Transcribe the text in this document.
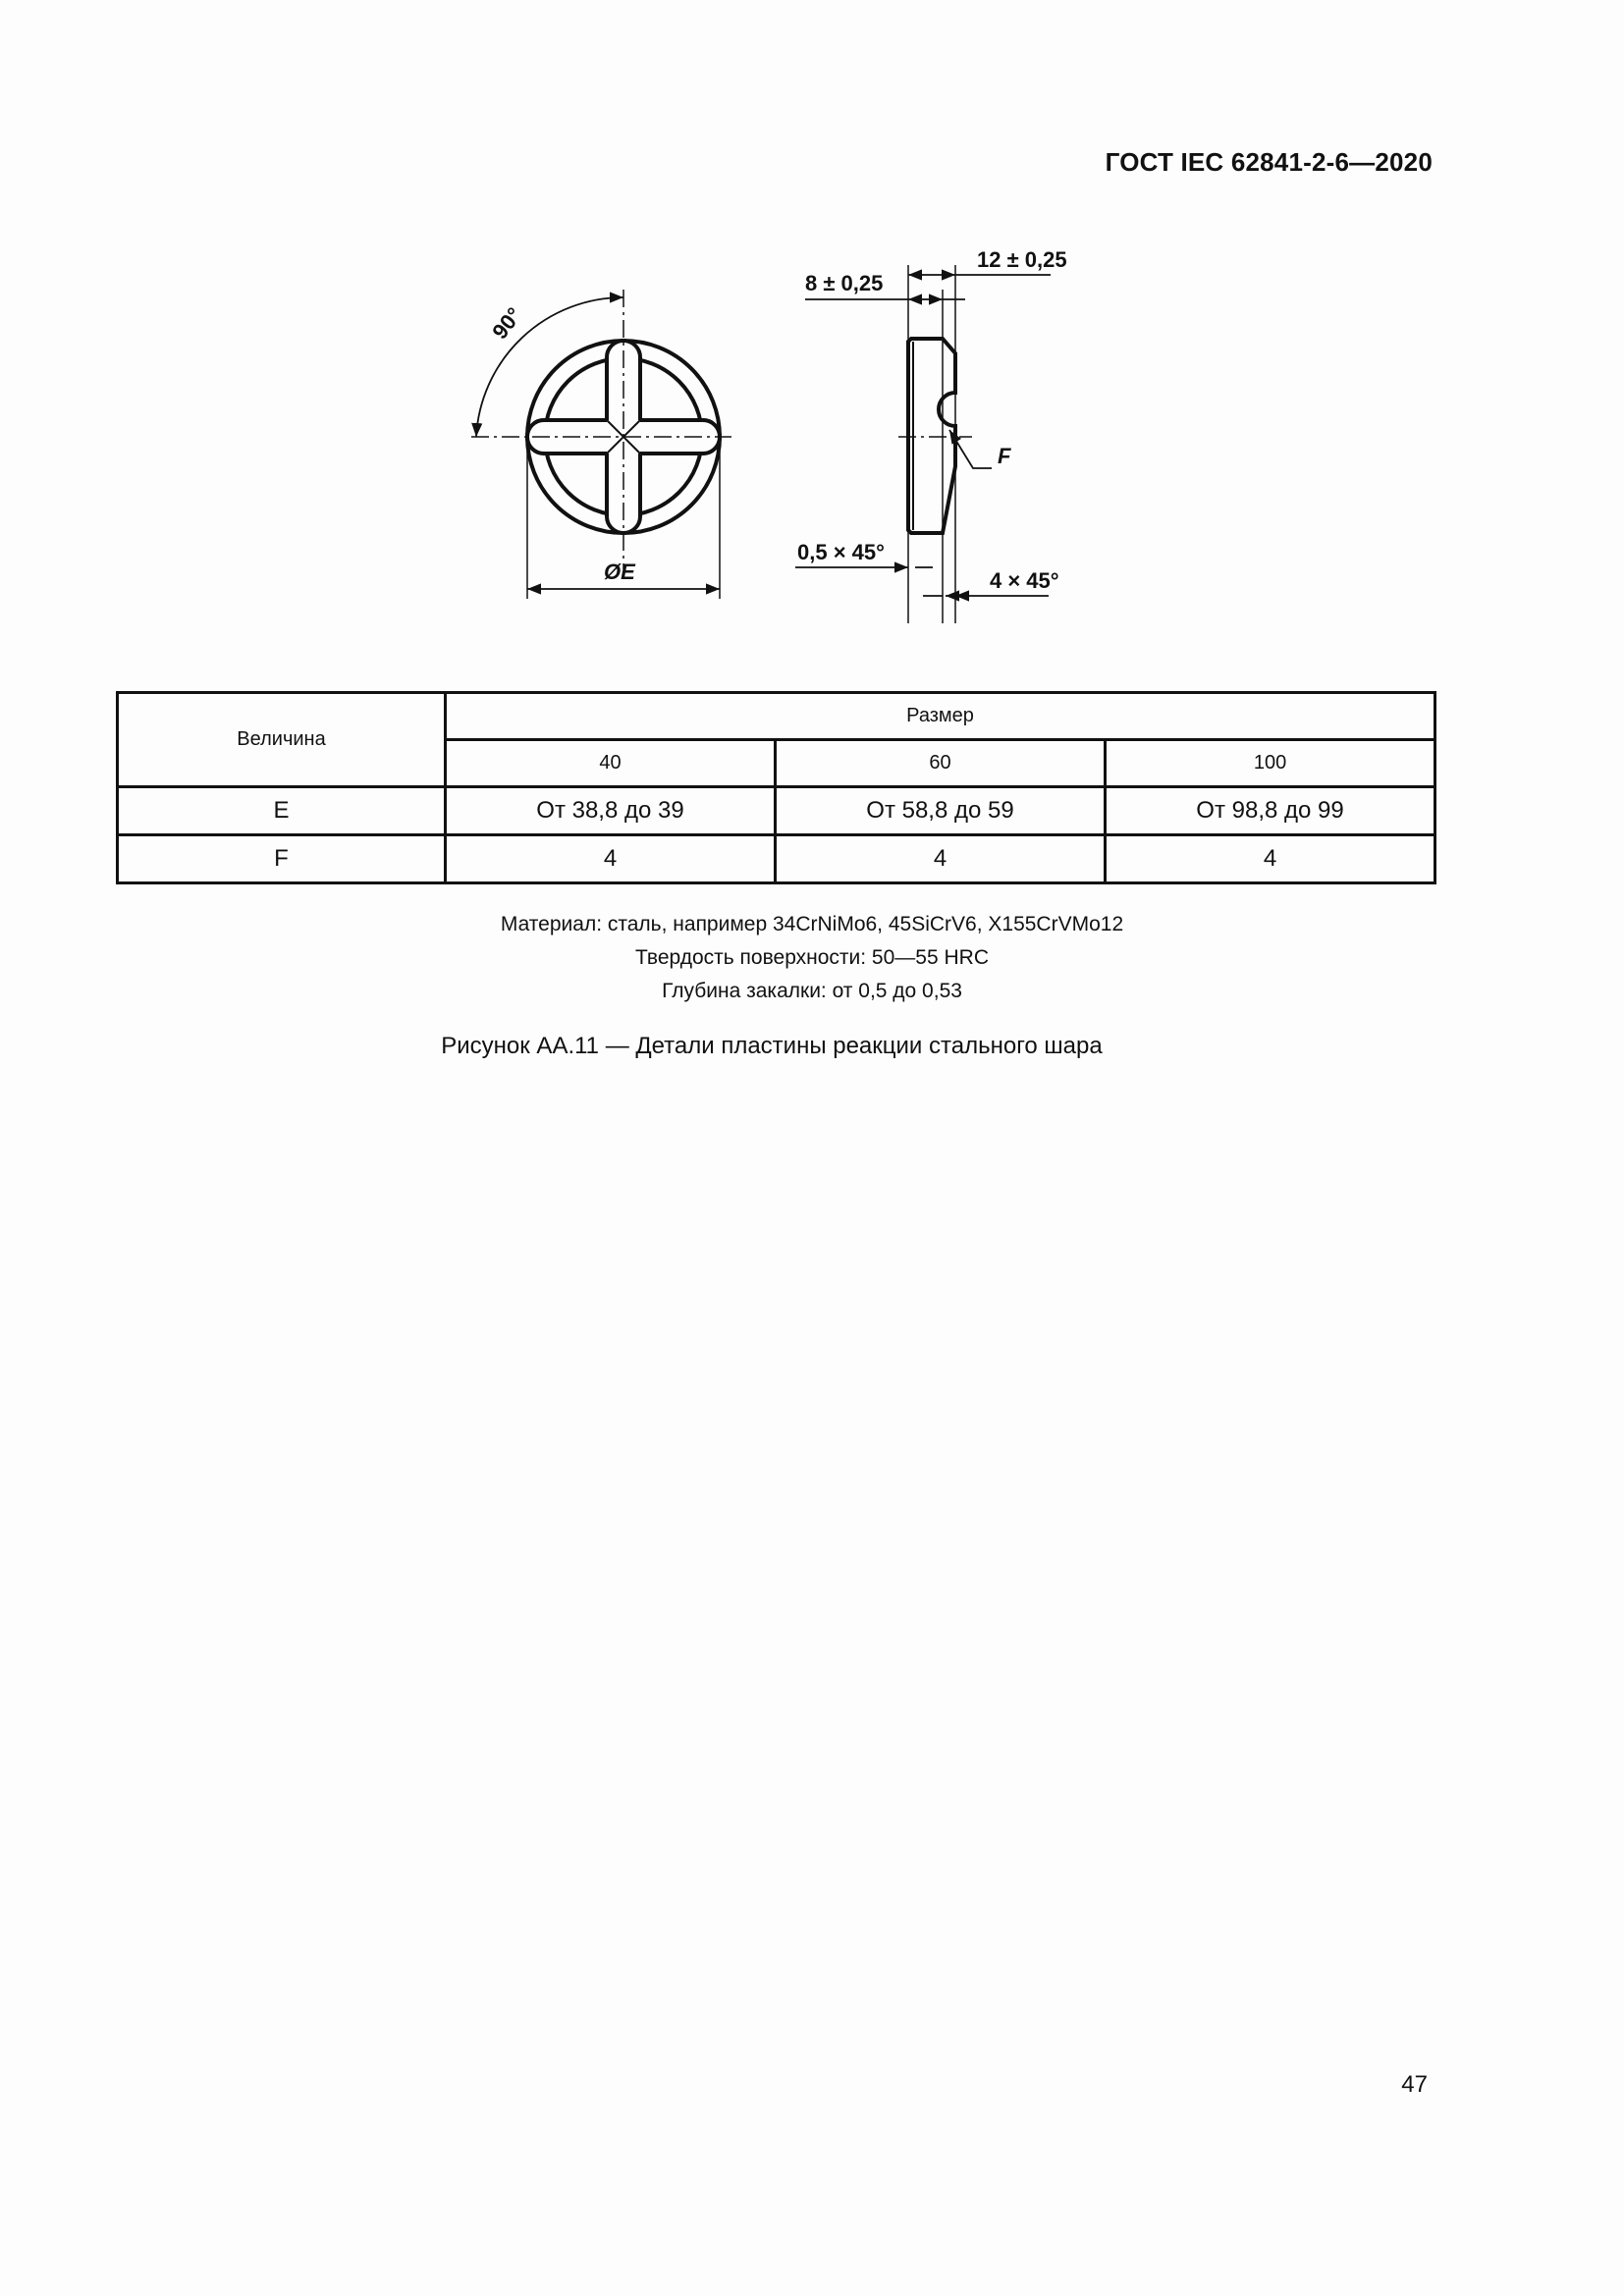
ГОСТ IEC 62841-2-6—2020
90°
ØE
12 ± 0,25
8 ± 0,25
F
0,5 × 45°
4 × 45°
Величина	Размер		
	40	60	100
E	От 38,8 до 39	От 58,8 до 59	От 98,8 до 99
F	4	4	4
Материал: сталь, например 34CrNiMo6, 45SiCrV6, X155CrVMo12
Твердость поверхности: 50—55 HRC
Глубина закалки: от 0,5 до 0,53
Рисунок АА.11 — Детали пластины реакции стального шара
47
